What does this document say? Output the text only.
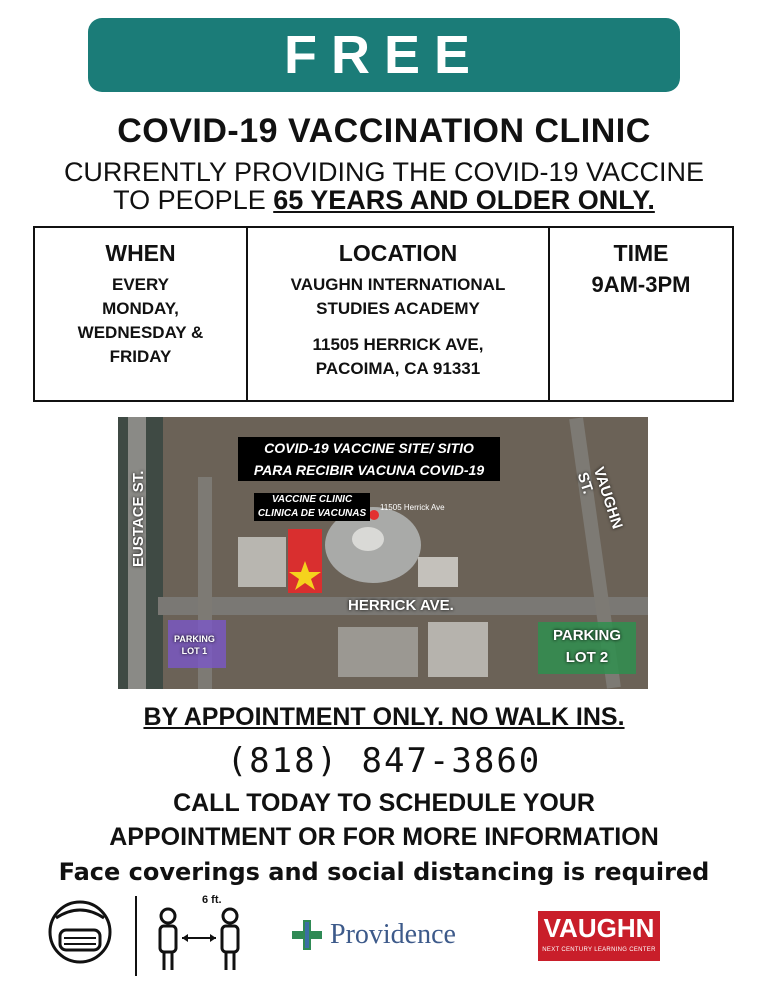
FREE
COVID-19 VACCINATION CLINIC
CURRENTLY PROVIDING THE COVID-19 VACCINE
TO PEOPLE 65 YEARS AND OLDER ONLY.
WHEN

EVERY

MONDAY,

WEDNESDAY &

FRIDAY

LOCATION

VAUGHN INTERNATIONAL

STUDIES ACADEMY

11505 HERRICK AVE,

PACOIMA, CA 91331

TIME

9AM-3PM

COVID-19 VACCINE SITE/ SITIO
PARA RECIBIR VACUNA COVID-19
VACCINE CLINIC
CLINICA DE VACUNAS
11505 Herrick Ave
HERRICK AVE.
EUSTACE ST.	VAUGHN ST.
PARKING
LOT 1
PARKING
LOT 2
BY APPOINTMENT ONLY. NO WALK INS.
(818) 847-3860
CALL TODAY TO SCHEDULE YOUR
APPOINTMENT OR FOR MORE INFORMATION
Face coverings and social distancing is required
6 ft.
Providence	VAUGHN
NEXT CENTURY LEARNING CENTER
